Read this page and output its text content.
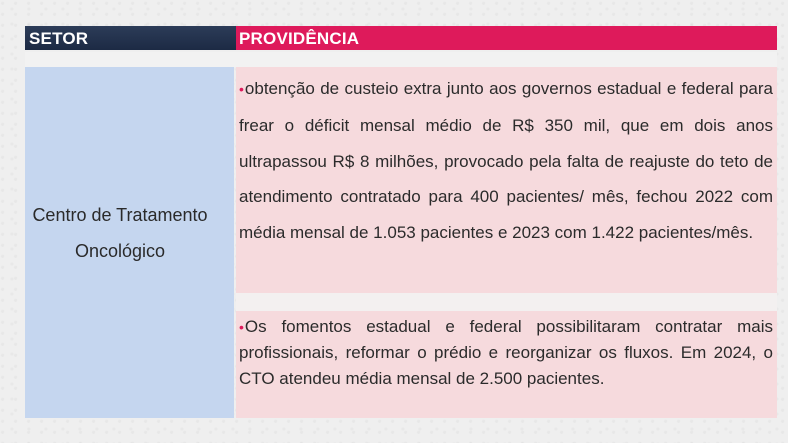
SETOR	PROVIDÊNCIA
Centro de Tratamento Oncológico
•obtenção de custeio extra junto aos governos estadual e federal para frear o déficit mensal médio de R$ 350 mil, que em dois anos ultrapassou R$ 8 milhões, provocado pela falta de reajuste do teto de atendimento contratado para 400 pacientes/ mês, fechou 2022 com média mensal de 1.053 pacientes e 2023 com 1.422 pacientes/mês.
•Os fomentos estadual e federal possibilitaram contratar mais profissionais, reformar o prédio e reorganizar os fluxos. Em 2024, o CTO atendeu média mensal de 2.500 pacientes.
